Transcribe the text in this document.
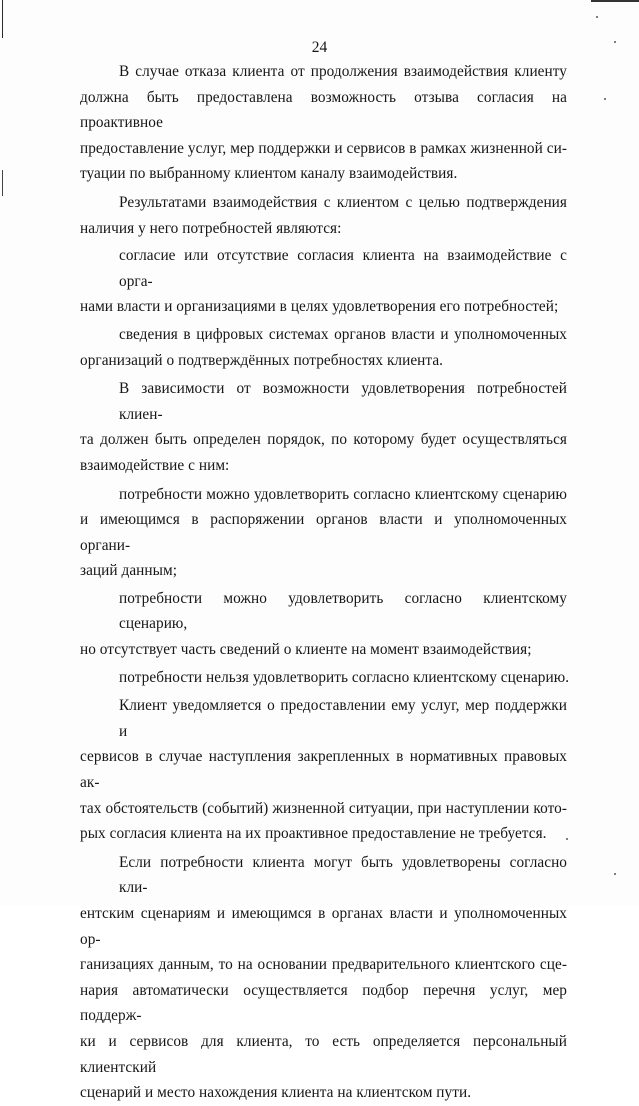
24
В случае отказа клиента от продолжения взаимодействия клиенту
должна быть предоставлена возможность отзыва согласия на проактивное
предоставление услуг, мер поддержки и сервисов в рамках жизненной си-
туации по выбранному клиентом каналу взаимодействия.
Результатами взаимодействия с клиентом с целью подтверждения
наличия у него потребностей являются:
согласие или отсутствие согласия клиента на взаимодействие с орга-
нами власти и организациями в целях удовлетворения его потребностей;
сведения в цифровых системах органов власти и уполномоченных
организаций о подтверждённых потребностях клиента.
В зависимости от возможности удовлетворения потребностей клиен-
та должен быть определен порядок, по которому будет осуществляться
взаимодействие с ним:
потребности можно удовлетворить согласно клиентскому сценарию
и имеющимся в распоряжении органов власти и уполномоченных органи-
заций данным;
потребности можно удовлетворить согласно клиентскому сценарию,
но отсутствует часть сведений о клиенте на момент взаимодействия;
потребности нельзя удовлетворить согласно клиентскому сценарию.
Клиент уведомляется о предоставлении ему услуг, мер поддержки и
сервисов в случае наступления закрепленных в нормативных правовых ак-
тах обстоятельств (событий) жизненной ситуации, при наступлении кото-
рых согласия клиента на их проактивное предоставление не требуется.
Если потребности клиента могут быть удовлетворены согласно кли-
ентским сценариям и имеющимся в органах власти и уполномоченных ор-
ганизациях данным, то на основании предварительного клиентского сце-
нария автоматически осуществляется подбор перечня услуг, мер поддерж-
ки и сервисов для клиента, то есть определяется персональный клиентский
сценарий и место нахождения клиента на клиентском пути.
